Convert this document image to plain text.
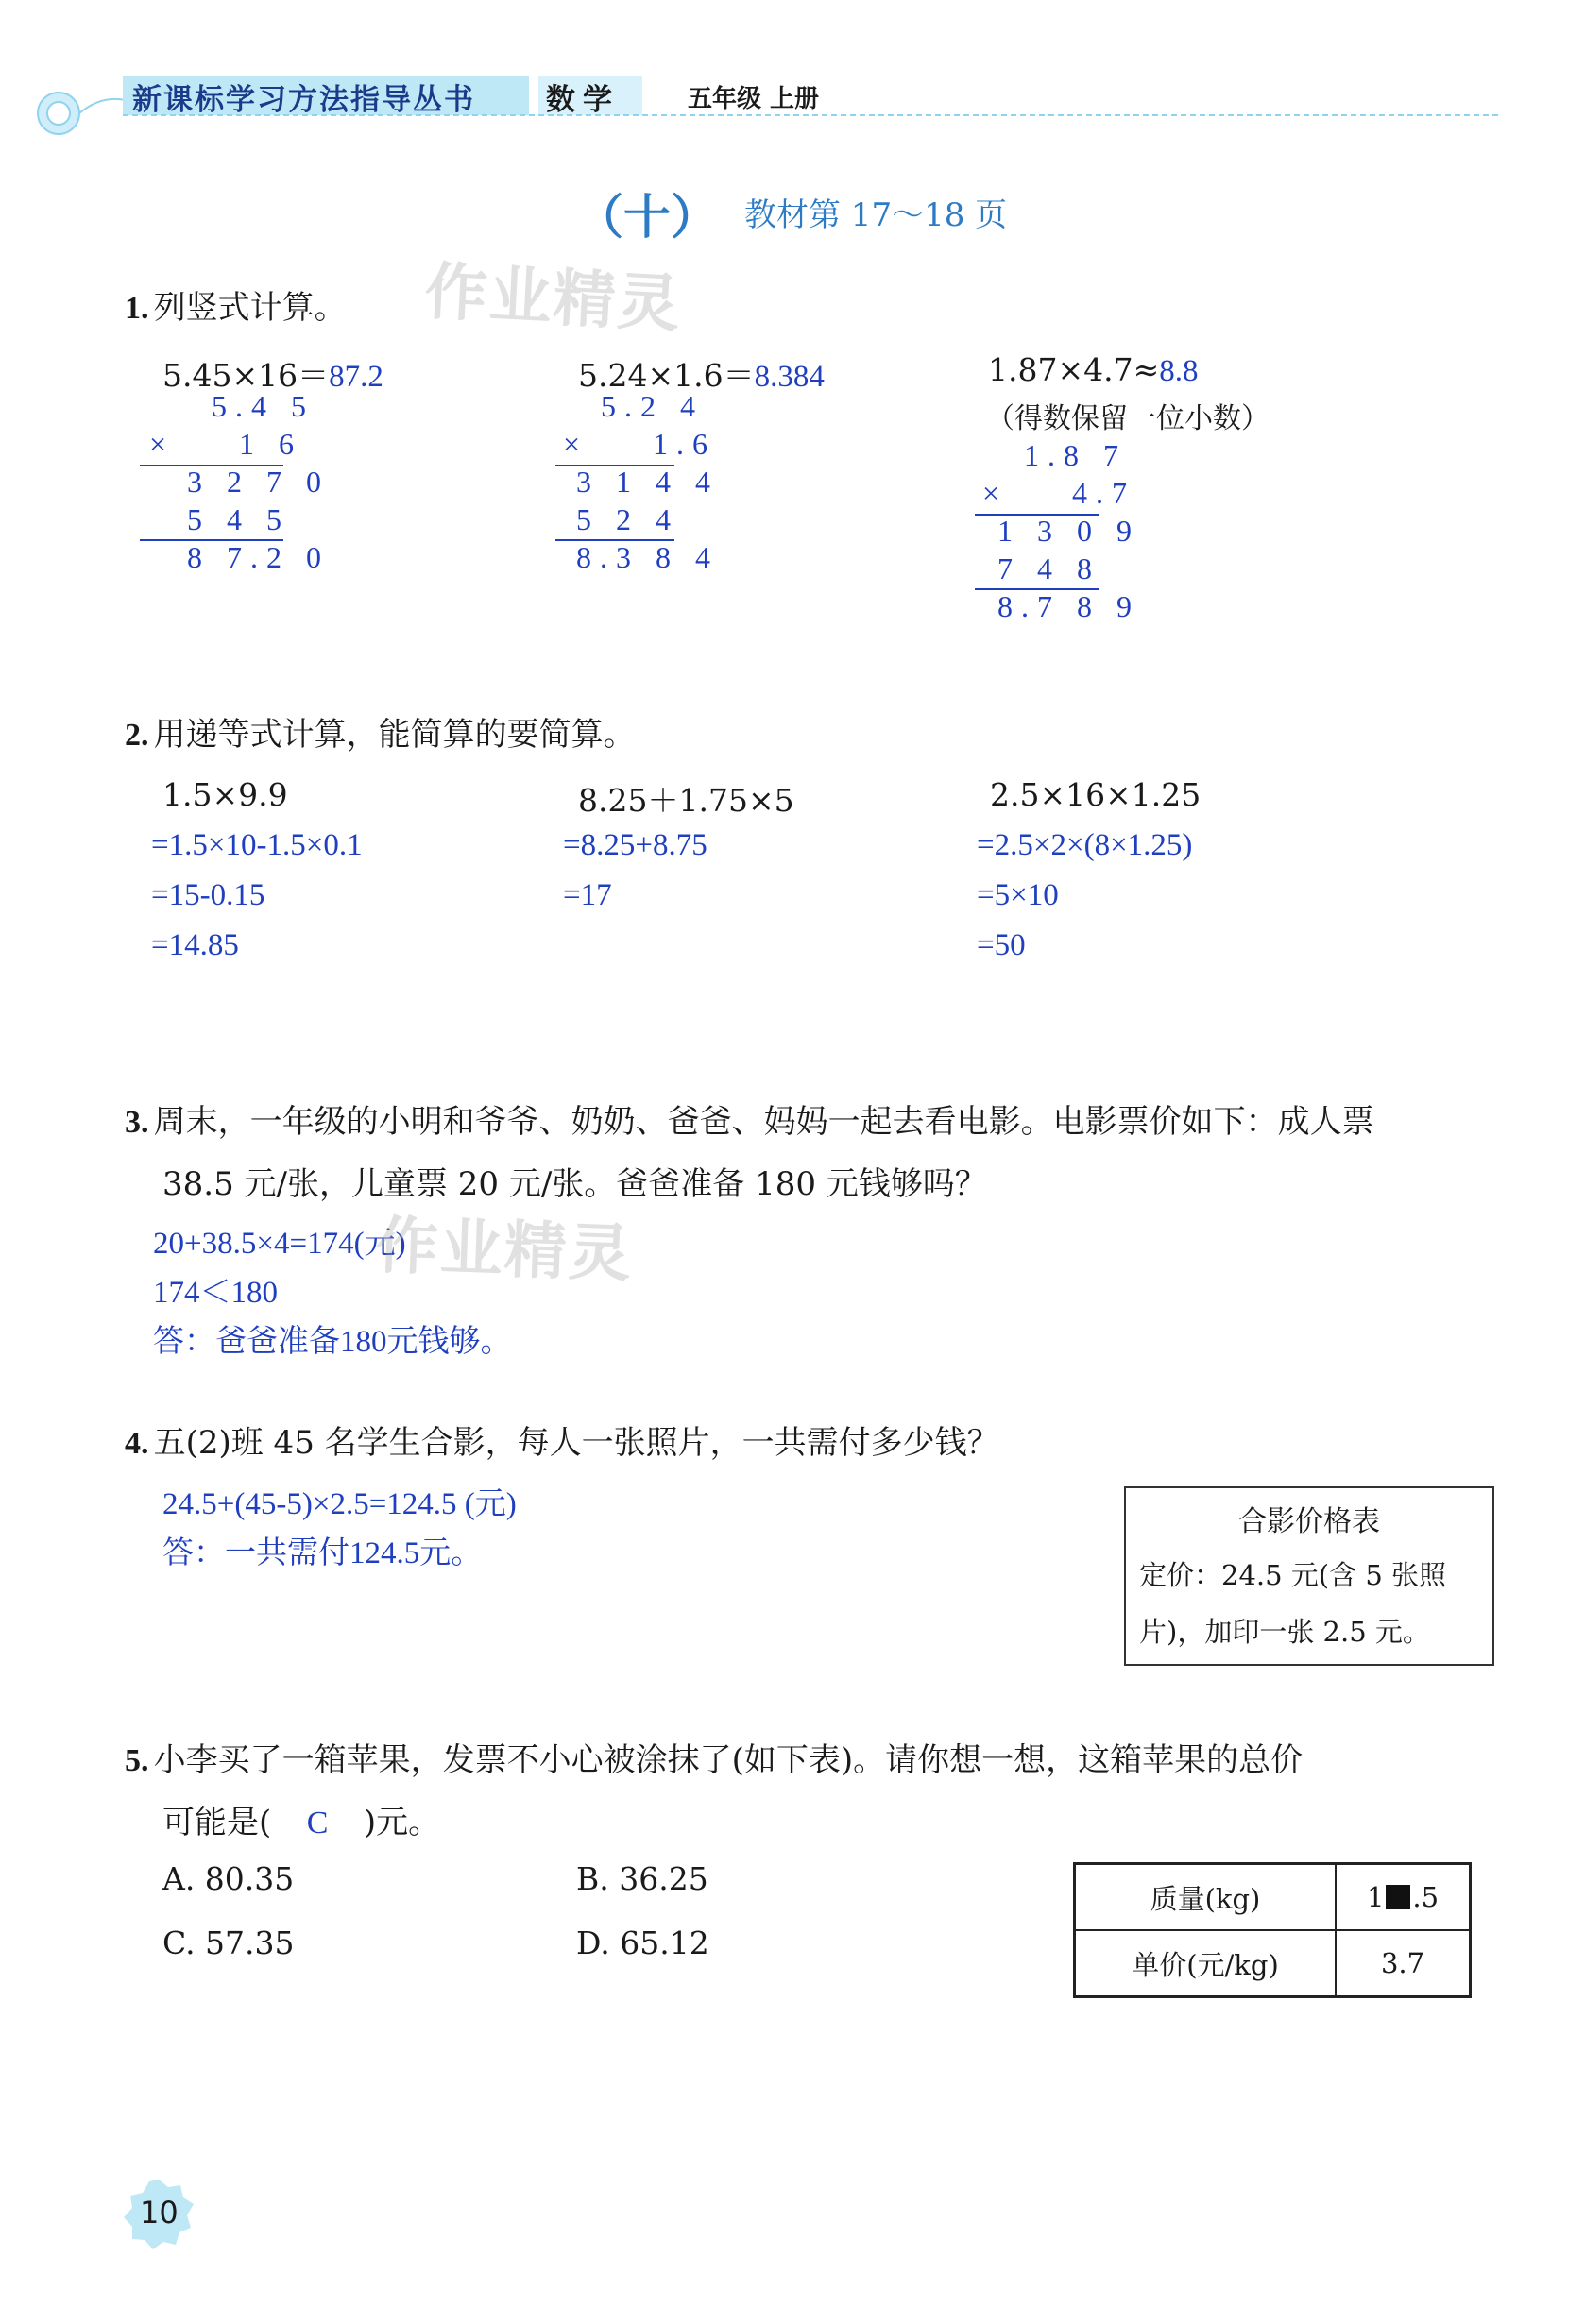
新课标学习方法指导丛书 数学	五年级 上册
（十） 教材第 17～18 页
作业精灵
1. 列竖式计算。
5.45×16＝87.2
5.4 5
×    1 6
3 2 7 0
5 4 5
8 7.2 0
5.24×1.6＝8.384
5.2 4
×    1.6
3 1 4 4
5 2 4
8.3 8 4
1.87×4.7≈8.8
（得数保留一位小数）
1.8 7
×    4.7
1 3 0 9
7 4 8
8.7 8 9
2. 用递等式计算，能简算的要简算。
1.5×9.9
=1.5×10-1.5×0.1
=15-0.15
=14.85
8.25＋1.75×5
=8.25+8.75
=17
2.5×16×1.25
=2.5×2×(8×1.25)
=5×10
=50
3. 周末，一年级的小明和爷爷、奶奶、爸爸、妈妈一起去看电影。电影票价如下：成人票
38.5 元/张，儿童票 20 元/张。爸爸准备 180 元钱够吗？
20+38.5×4=174(元)
174＜180
答：爸爸准备180元钱够。
作业精灵
4. 五(2)班 45 名学生合影，每人一张照片，一共需付多少钱？
24.5+(45-5)×2.5=124.5 (元)
答：一共需付124.5元。
合影价格表
定价：24.5 元(含 5 张照
片)，加印一张 2.5 元。
5. 小李买了一箱苹果，发票不小心被涂抹了(如下表)。请你想一想，这箱苹果的总价
可能是( C )元。
A. 80.35	B. 36.25
C. 57.35	D. 65.12
质量(kg)	1 .5
单价(元/kg)	3.7
10
